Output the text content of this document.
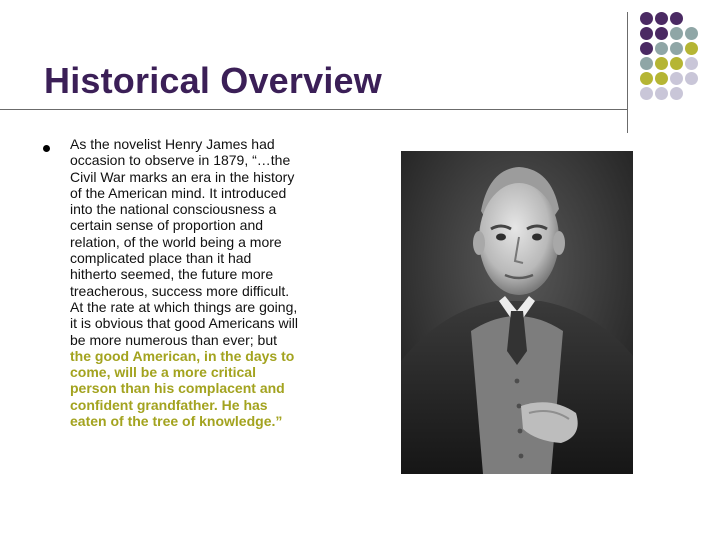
Historical Overview
As the novelist Henry James had
occasion to observe in 1879, “…the
Civil War marks an era in the history
of the American mind. It introduced
into the national consciousness a
certain sense of proportion and
relation, of the world being a more
complicated place than it had
hitherto seemed, the future more
treacherous, success more difficult.
At the rate at which things are going,
it is obvious that good Americans will
be more numerous than ever; but
the good American, in the days to
come, will be a more critical
person than his complacent and
confident grandfather. He has
eaten of the tree of knowledge.”
